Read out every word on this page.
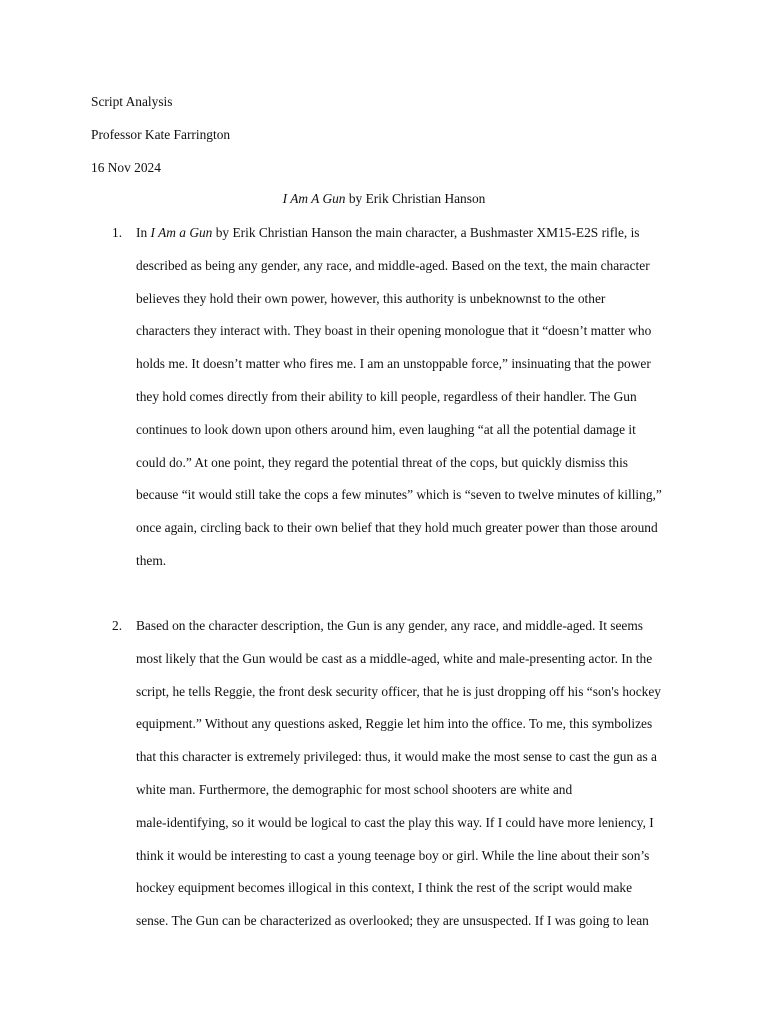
Script Analysis
Professor Kate Farrington
16 Nov 2024
I Am A Gun by Erik Christian Hanson
1. In I Am a Gun by Erik Christian Hanson the main character, a Bushmaster XM15-E2S rifle, is
described as being any gender, any race, and middle-aged. Based on the text, the main character
believes they hold their own power, however, this authority is unbeknownst to the other
characters they interact with. They boast in their opening monologue that it “doesn’t matter who
holds me. It doesn’t matter who fires me. I am an unstoppable force,” insinuating that the power
they hold comes directly from their ability to kill people, regardless of their handler. The Gun
continues to look down upon others around him, even laughing “at all the potential damage it
could do.” At one point, they regard the potential threat of the cops, but quickly dismiss this
because “it would still take the cops a few minutes” which is “seven to twelve minutes of killing,”
once again, circling back to their own belief that they hold much greater power than those around
them.
2. Based on the character description, the Gun is any gender, any race, and middle-aged. It seems
most likely that the Gun would be cast as a middle-aged, white and male-presenting actor. In the
script, he tells Reggie, the front desk security officer, that he is just dropping off his “son's hockey
equipment.” Without any questions asked, Reggie let him into the office. To me, this symbolizes
that this character is extremely privileged: thus, it would make the most sense to cast the gun as a
white man. Furthermore, the demographic for most school shooters are white and
male-identifying, so it would be logical to cast the play this way. If I could have more leniency, I
think it would be interesting to cast a young teenage boy or girl. While the line about their son’s
hockey equipment becomes illogical in this context, I think the rest of the script would make
sense. The Gun can be characterized as overlooked; they are unsuspected. If I was going to lean
